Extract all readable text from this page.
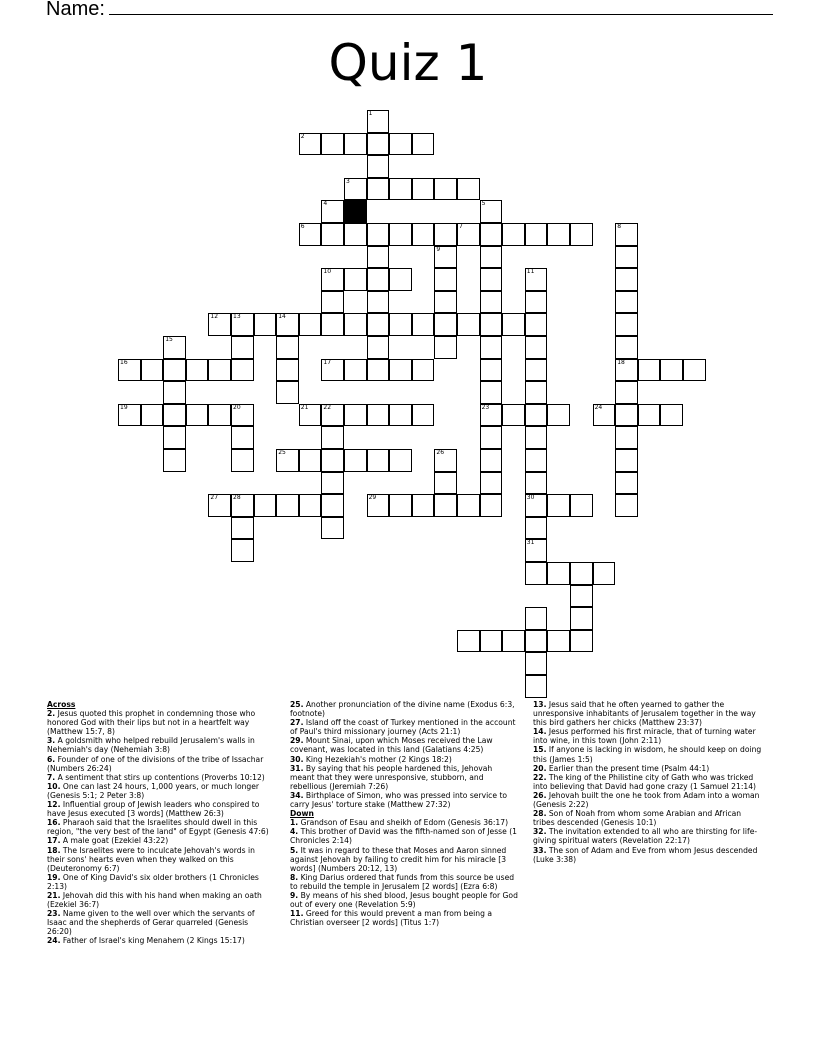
Name:
Quiz 1
1
2
3
4	5
6	7	8
9
10	11
12 13	14
15
16	17	18
19	20	21 22	23	24
25	26
27 28	29	30
31
Across

2. Jesus quoted this prophet in condemning those who honored God with their lips but not in a heartfelt way (Matthew 15:7, 8)

3. A goldsmith who helped rebuild Jerusalem's walls in Nehemiah's day (Nehemiah 3:8)

6. Founder of one of the divisions of the tribe of Issachar (Numbers 26:24)

7. A sentiment that stirs up contentions (Proverbs 10:12)

10. One can last 24 hours, 1,000 years, or much longer (Genesis 5:1; 2 Peter 3:8)

12. Influential group of Jewish leaders who conspired to have Jesus executed [3 words] (Matthew 26:3)

16. Pharaoh said that the Israelites should dwell in this region, "the very best of the land" of Egypt (Genesis 47:6)

17. A male goat (Ezekiel 43:22)

18. The Israelites were to inculcate Jehovah's words in their sons' hearts even when they walked on this (Deuteronomy 6:7)

19. One of King David's six older brothers (1 Chronicles 2:13)

21. Jehovah did this with his hand when making an oath (Ezekiel 36:7)

23. Name given to the well over which the servants of Isaac and the shepherds of Gerar quarreled (Genesis 26:20)

24. Father of Israel's king Menahem (2 Kings 15:17)

25. Another pronunciation of the divine name (Exodus 6:3, footnote)

27. Island off the coast of Turkey mentioned in the account of Paul's third missionary journey (Acts 21:1)

29. Mount Sinai, upon which Moses received the Law covenant, was located in this land (Galatians 4:25)

30. King Hezekiah's mother (2 Kings 18:2)

31. By saying that his people hardened this, Jehovah meant that they were unresponsive, stubborn, and rebellious (Jeremiah 7:26)

34. Birthplace of Simon, who was pressed into service to carry Jesus' torture stake (Matthew 27:32)

Down

1. Grandson of Esau and sheikh of Edom (Genesis 36:17)

4. This brother of David was the fifth-named son of Jesse (1 Chronicles 2:14)

5. It was in regard to these that Moses and Aaron sinned against Jehovah by failing to credit him for his miracle [3 words] (Numbers 20:12, 13)

8. King Darius ordered that funds from this source be used to rebuild the temple in Jerusalem [2 words] (Ezra 6:8)

9. By means of his shed blood, Jesus bought people for God out of every one (Revelation 5:9)

11. Greed for this would prevent a man from being a Christian overseer [2 words] (Titus 1:7)

13. Jesus said that he often yearned to gather the unresponsive inhabitants of Jerusalem together in the way this bird gathers her chicks (Matthew 23:37)

14. Jesus performed his first miracle, that of turning water into wine, in this town (John 2:11)

15. If anyone is lacking in wisdom, he should keep on doing this (James 1:5)

20. Earlier than the present time (Psalm 44:1)

22. The king of the Philistine city of Gath who was tricked into believing that David had gone crazy (1 Samuel 21:14)

26. Jehovah built the one he took from Adam into a woman (Genesis 2:22)

28. Son of Noah from whom some Arabian and African tribes descended (Genesis 10:1)

32. The invitation extended to all who are thirsting for life-giving spiritual waters (Revelation 22:17)

33. The son of Adam and Eve from whom Jesus descended (Luke 3:38)
